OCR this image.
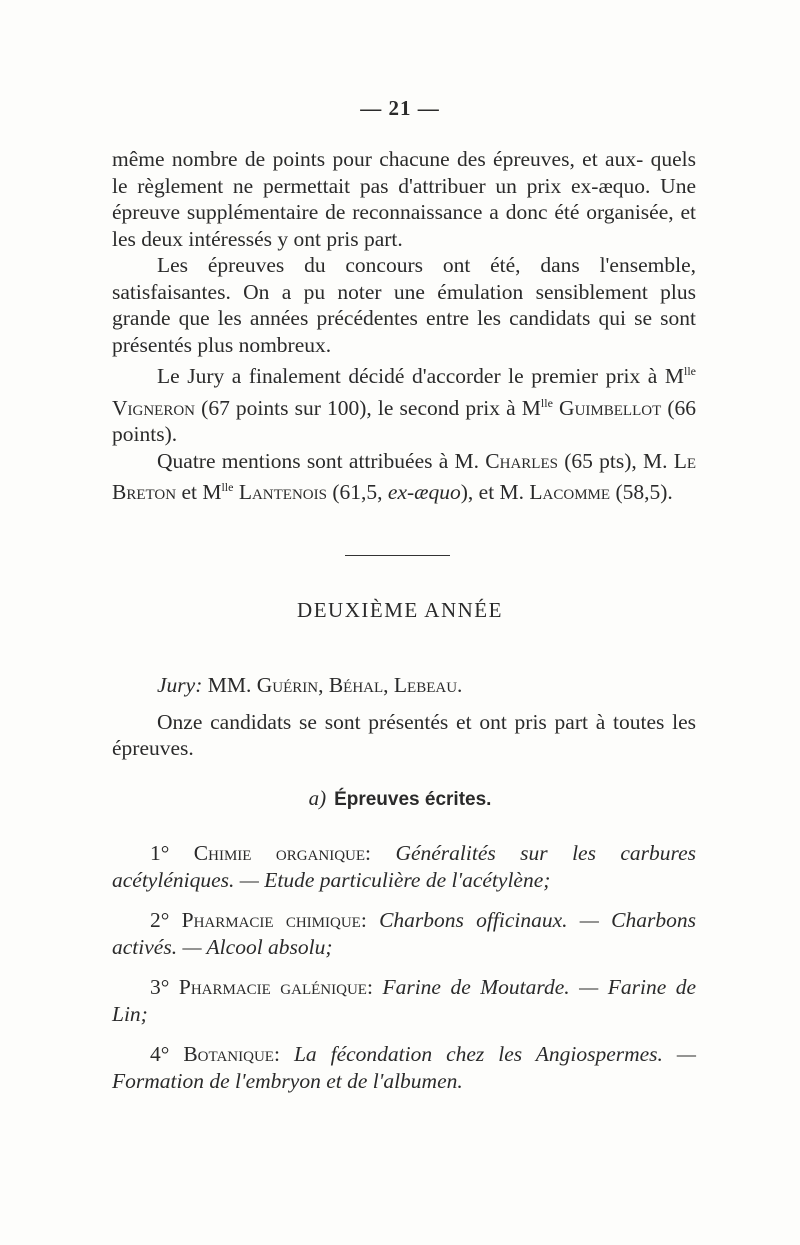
— 21 —

même nombre de points pour chacune des épreuves, et aux- quels le règlement ne permettait pas d'attribuer un prix ex-æquo. Une épreuve supplémentaire de reconnaissance a donc été organisée, et les deux intéressés y ont pris part.

Les épreuves du concours ont été, dans l'ensemble, satisfaisantes. On a pu noter une émulation sensiblement plus grande que les années précédentes entre les candidats qui se sont présentés plus nombreux.

Le Jury a finalement décidé d'accorder le premier prix à $M^{lle}$ Vigneron (67 points sur 100), le second prix à $M^{lle}$ Guimbellot (66 points).

Quatre mentions sont attribuées à M. Charles (65 pts), M. Le Breton et $M^{lle}$ Lantenois (61,5, ex-æquo), et M. Lacomme (58,5).

DEUXIÈME ANNÉE

Jury: MM. Guérin, Béhal, Lebeau.

Onze candidats se sont présentés et ont pris part à toutes les épreuves.

a) Épreuves écrites.

1° Chimie organique: Généralités sur les carbures acétyléniques. — Etude particulière de l'acétylène;

2° Pharmacie chimique: Charbons officinaux. — Charbons activés. — Alcool absolu;

3° Pharmacie galénique: Farine de Moutarde. — Farine de Lin;

4° Botanique: La fécondation chez les Angiospermes. — Formation de l'embryon et de l'albumen.
